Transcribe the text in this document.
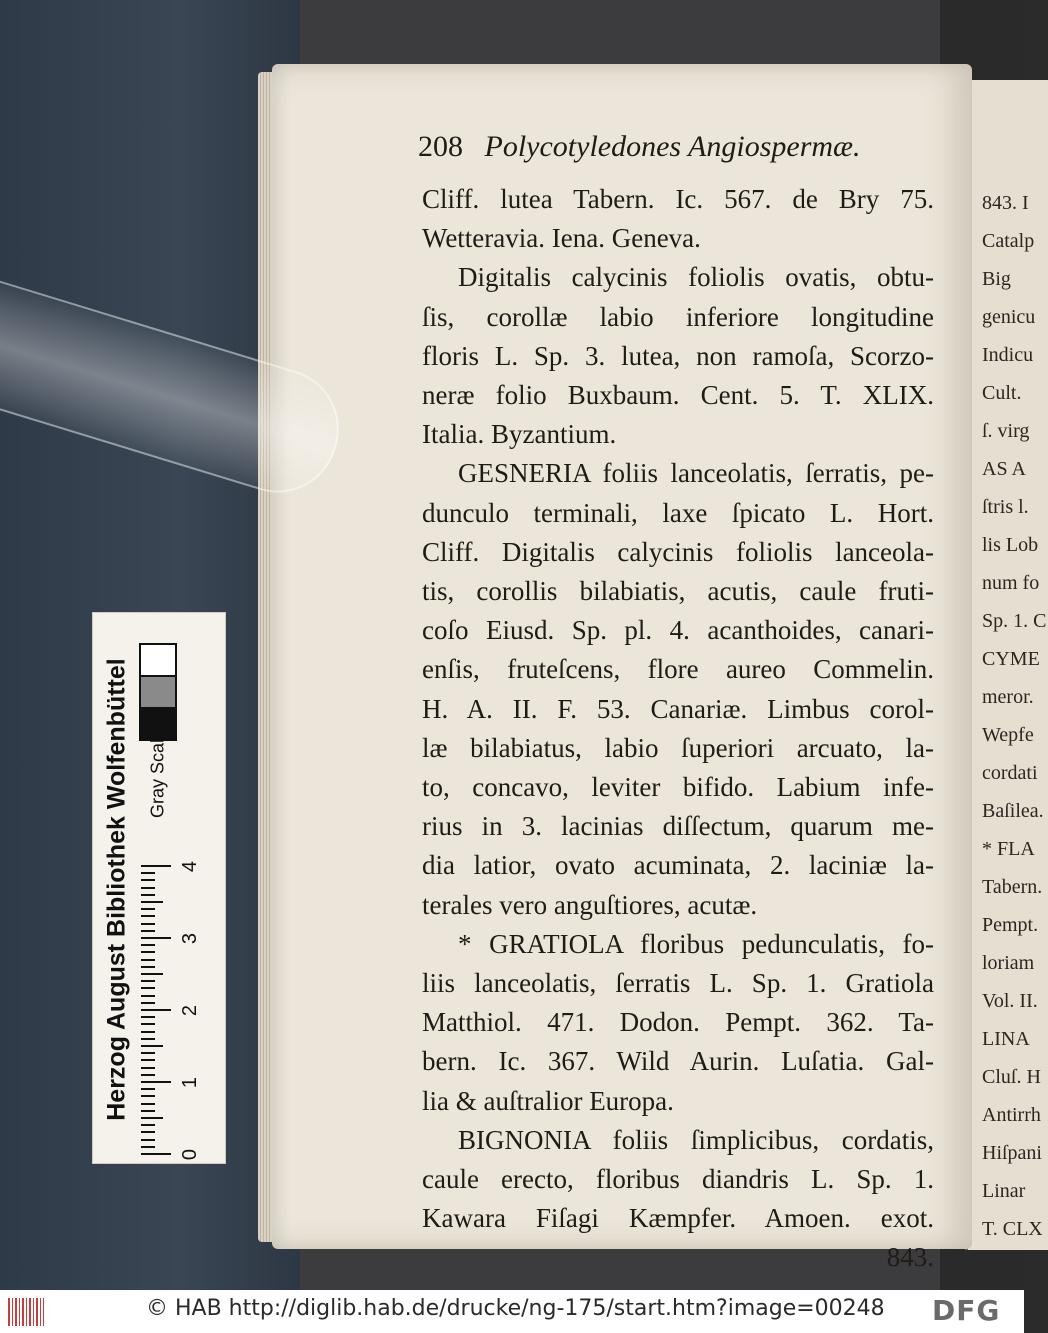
843. I
Catalp
Big
genicu
Indicu
Cult.
ſ. virg
AS A
ſtris l.
lis Lob
num fo
Sp. 1. C
CYME
meror.
Wepfe
cordati
Baſilea.
* FLA
Tabern.
Pempt.
loriam
Vol. II.
LINA
Cluſ. H
Antirrh
Hiſpani
Linar
T. CLX
208 Polycotyledones Angiospermæ.
Cliff. lutea Tabern. Ic. 567. de Bry 75.
Wetteravia. Iena. Geneva.
Digitalis calycinis foliolis ovatis, obtu-
ſis, corollæ labio inferiore longitudine
floris L. Sp. 3. lutea, non ramoſa, Scorzo-
neræ folio Buxbaum. Cent. 5. T. XLIX.
Italia. Byzantium.
GESNERIA foliis lanceolatis, ſerratis, pe-
dunculo terminali, laxe ſpicato L. Hort.
Cliff. Digitalis calycinis foliolis lanceola-
tis, corollis bilabiatis, acutis, caule fruti-
coſo Eiusd. Sp. pl. 4. acanthoides, canari-
enſis, fruteſcens, flore aureo Commelin.
H. A. II. F. 53. Canariæ. Limbus corol-
læ bilabiatus, labio ſuperiori arcuato, la-
to, concavo, leviter bifido. Labium infe-
rius in 3. lacinias diſſectum, quarum me-
dia latior, ovato acuminata, 2. laciniæ la-
terales vero anguſtiores, acutæ.
* GRATIOLA floribus pedunculatis, fo-
liis lanceolatis, ſerratis L. Sp. 1. Gratiola
Matthiol. 471. Dodon. Pempt. 362. Ta-
bern. Ic. 367. Wild Aurin. Luſatia. Gal-
lia & auſtralior Europa.
BIGNONIA foliis ſimplicibus, cordatis,
caule erecto, floribus diandris L. Sp. 1.
Kawara Fiſagi Kæmpfer. Amoen. exot.
843.
Herzog August Bibliothek Wolfenbüttel Gray Scale
0
1
2
3
4
© HAB http://diglib.hab.de/drucke/ng-175/start.htm?image=00248 DFG
